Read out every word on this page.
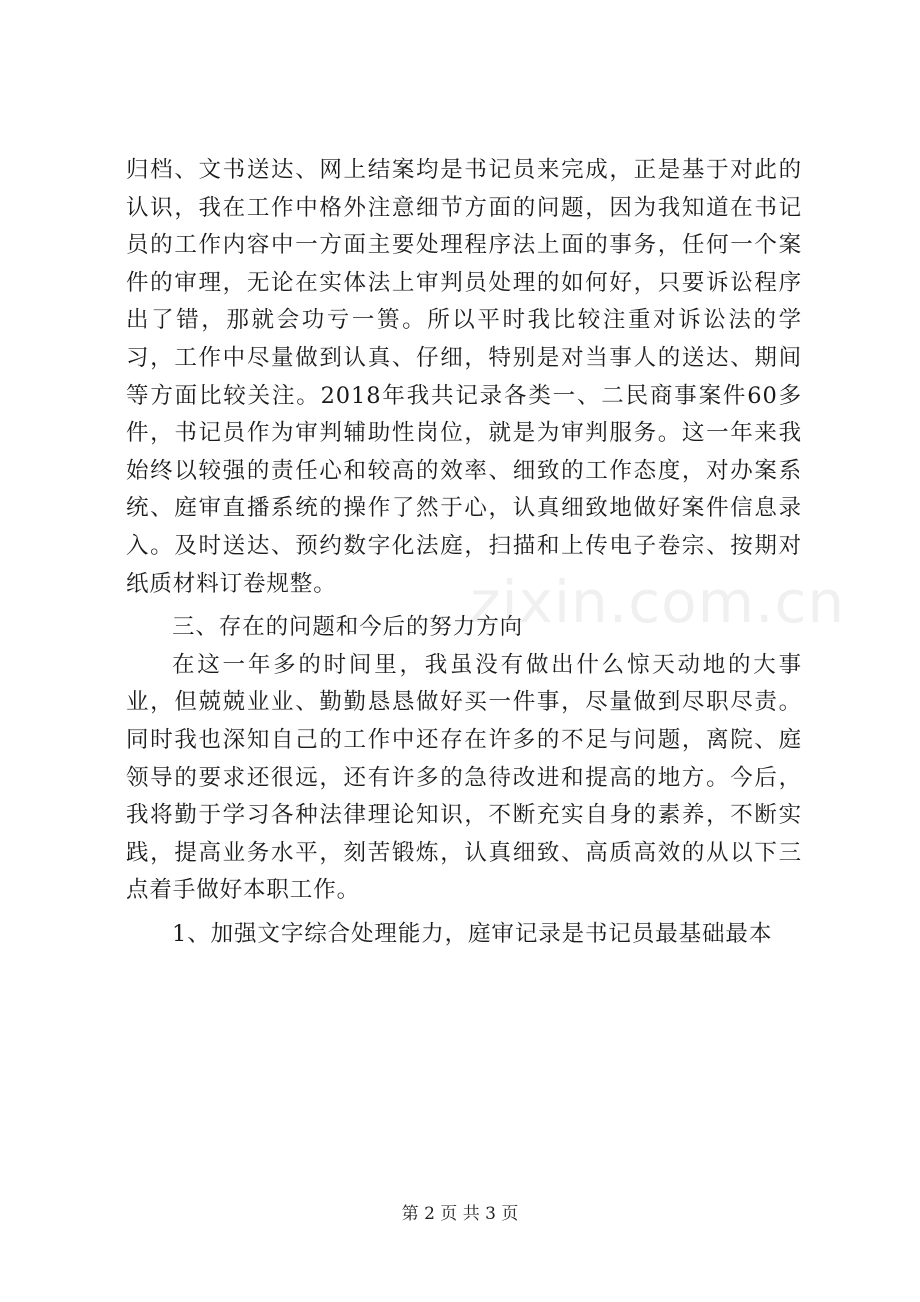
归档、文书送达、网上结案均是书记员来完成，正是基于对此的认识，我在工作中格外注意细节方面的问题，因为我知道在书记员的工作内容中一方面主要处理程序法上面的事务，任何一个案件的审理，无论在实体法上审判员处理的如何好，只要诉讼程序出了错，那就会功亏一篑。所以平时我比较注重对诉讼法的学习，工作中尽量做到认真、仔细，特别是对当事人的送达、期间等方面比较关注。2018年我共记录各类一、二民商事案件60多件，书记员作为审判辅助性岗位，就是为审判服务。这一年来我始终以较强的责任心和较高的效率、细致的工作态度，对办案系统、庭审直播系统的操作了然于心，认真细致地做好案件信息录入。及时送达、预约数字化法庭，扫描和上传电子卷宗、按期对纸质材料订卷规整。

三、存在的问题和今后的努力方向

在这一年多的时间里，我虽没有做出什么惊天动地的大事业，但兢兢业业、勤勤恳恳做好买一件事，尽量做到尽职尽责。同时我也深知自己的工作中还存在许多的不足与问题，离院、庭领导的要求还很远，还有许多的急待改进和提高的地方。今后，我将勤于学习各种法律理论知识，不断充实自身的素养，不断实践，提高业务水平，刻苦锻炼，认真细致、高质高效的从以下三点着手做好本职工作。

1、加强文字综合处理能力，庭审记录是书记员最基础最本

zixin.com.cn
第 2 页 共 3 页
